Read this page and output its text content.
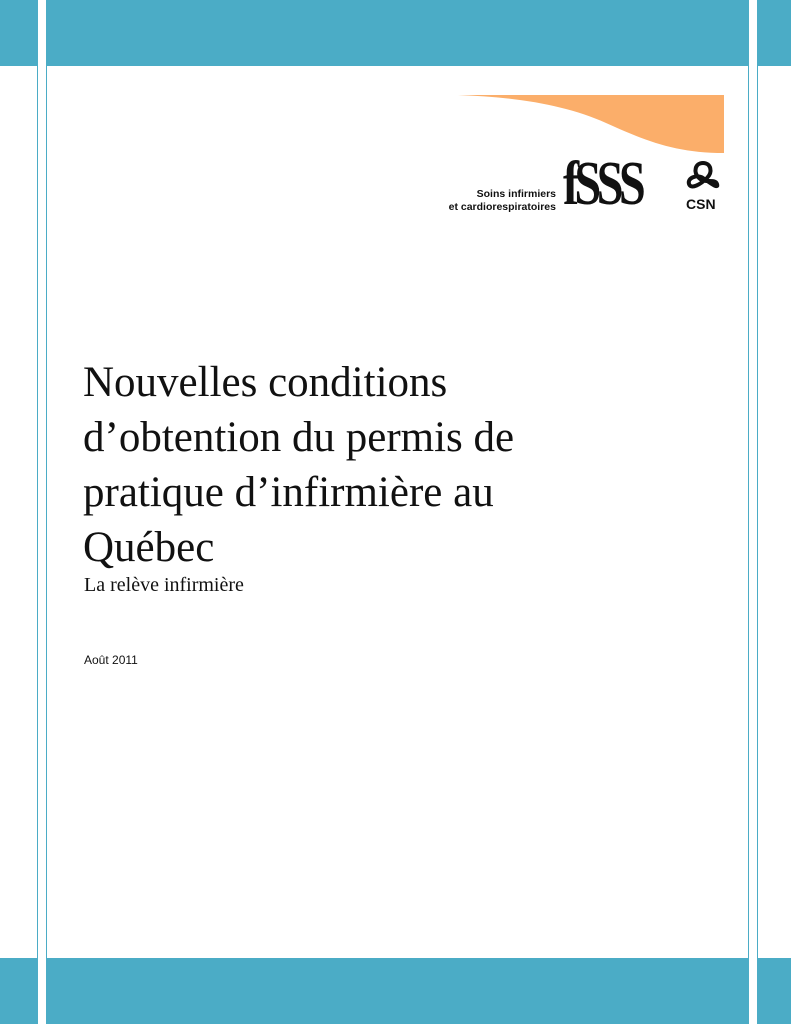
Soins infirmiers
et cardiorespiratoires fSSS	CSN
Nouvelles conditions
d’obtention du permis de
pratique d’infirmière au
Québec
La relève infirmière
Août 2011
